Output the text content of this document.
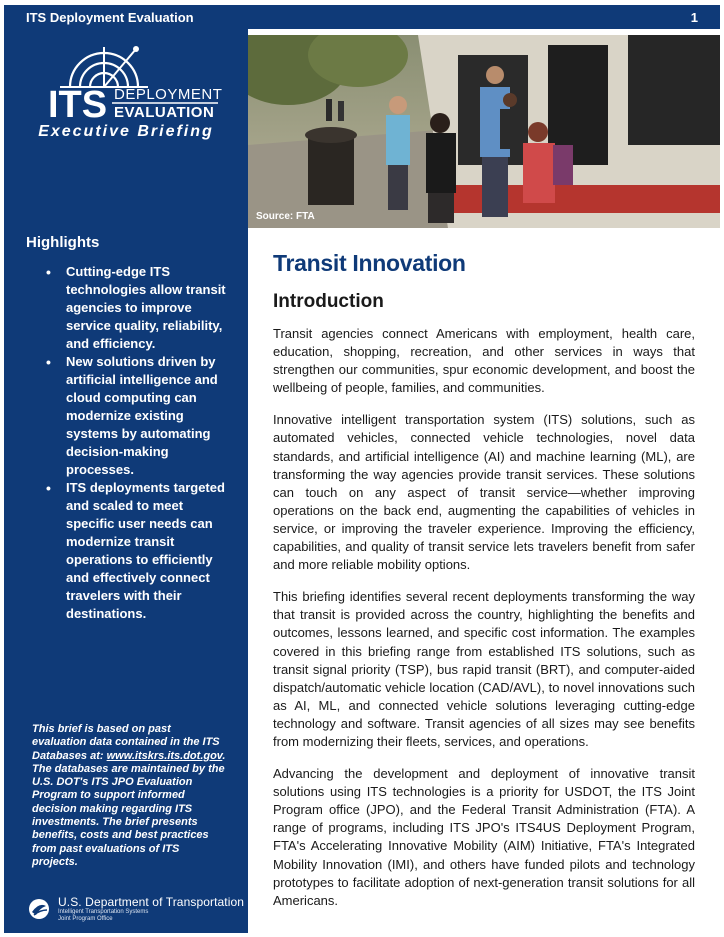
ITS Deployment Evaluation	1
ITS DEPLOYMENT
EVALUATION
Executive Briefing
Highlights
• Cutting-edge ITS technologies allow transit agencies to improve service quality, reliability, and efficiency.
• New solutions driven by artificial intelligence and cloud computing can modernize existing systems by automating decision-making processes.
• ITS deployments targeted and scaled to meet specific user needs can modernize transit operations to efficiently and effectively connect travelers with their destinations.
This brief is based on past evaluation data contained in the ITS Databases at: www.itskrs.its.dot.gov. The databases are maintained by the U.S. DOT's ITS JPO Evaluation Program to support informed decision making regarding ITS investments. The brief presents benefits, costs and best practices from past evaluations of ITS projects.
U.S. Department of Transportation
Intelligent Transportation Systems
Joint Program Office
Source: FTA
Transit Innovation
Introduction

Transit agencies connect Americans with employment, health care, education, shopping, recreation, and other services in ways that strengthen our communities, spur economic development, and boost the wellbeing of people, families, and communities.

Innovative intelligent transportation system (ITS) solutions, such as automated vehicles, connected vehicle technologies, novel data standards, and artificial intelligence (AI) and machine learning (ML), are transforming the way agencies provide transit services. These solutions can touch on any aspect of transit service—whether improving operations on the back end, augmenting the capabilities of vehicles in service, or improving the traveler experience. Improving the efficiency, capabilities, and quality of transit service lets travelers benefit from safer and more reliable mobility options.

This briefing identifies several recent deployments transforming the way that transit is provided across the country, highlighting the benefits and outcomes, lessons learned, and specific cost information. The examples covered in this briefing range from established ITS solutions, such as transit signal priority (TSP), bus rapid transit (BRT), and computer-aided dispatch/automatic vehicle location (CAD/AVL), to novel innovations such as AI, ML, and connected vehicle solutions leveraging cutting-edge technology and software. Transit agencies of all sizes may see benefits from modernizing their fleets, services, and operations.

Advancing the development and deployment of innovative transit solutions using ITS technologies is a priority for USDOT, the ITS Joint Program office (JPO), and the Federal Transit Administration (FTA). A range of programs, including ITS JPO's ITS4US Deployment Program, FTA's Accelerating Innovative Mobility (AIM) Initiative, FTA's Integrated Mobility Innovation (IMI), and others have funded pilots and technology prototypes to facilitate adoption of next-generation transit solutions for all Americans.
